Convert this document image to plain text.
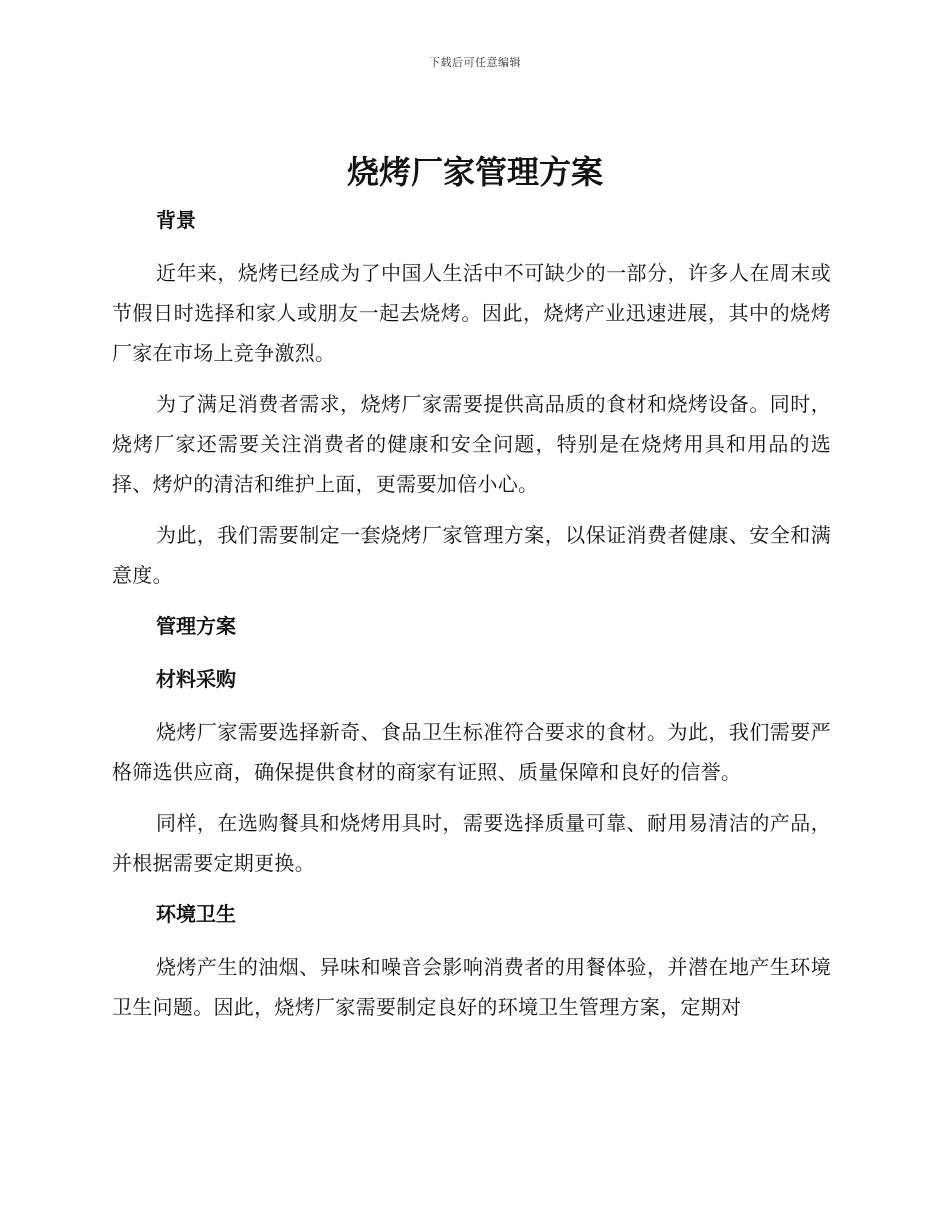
下载后可任意编辑
烧烤厂家管理方案
背景

近年来，烧烤已经成为了中国人生活中不可缺少的一部分，许多人在周末或节假日时选择和家人或朋友一起去烧烤。因此，烧烤产业迅速进展，其中的烧烤厂家在市场上竞争激烈。

为了满足消费者需求，烧烤厂家需要提供高品质的食材和烧烤设备。同时，烧烤厂家还需要关注消费者的健康和安全问题，特别是在烧烤用具和用品的选择、烤炉的清洁和维护上面，更需要加倍小心。

为此，我们需要制定一套烧烤厂家管理方案，以保证消费者健康、安全和满意度。

管理方案
材料采购

烧烤厂家需要选择新奇、食品卫生标准符合要求的食材。为此，我们需要严格筛选供应商，确保提供食材的商家有证照、质量保障和良好的信誉。

同样，在选购餐具和烧烤用具时，需要选择质量可靠、耐用易清洁的产品，并根据需要定期更换。

环境卫生

烧烤产生的油烟、异味和噪音会影响消费者的用餐体验，并潜在地产生环境卫生问题。因此，烧烤厂家需要制定良好的环境卫生管理方案，定期对
